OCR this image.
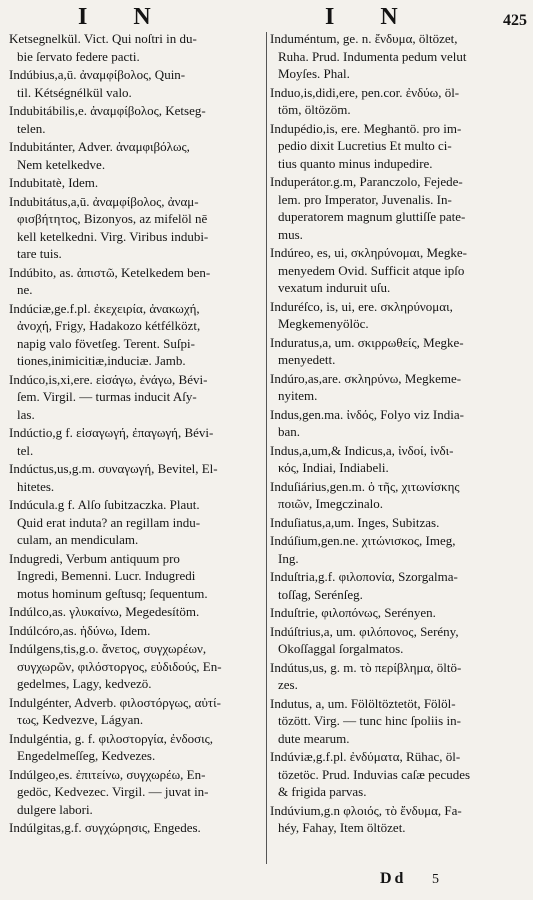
I N	I N	425

Ketsegnelkül. Vict. Qui noſtri in du-
bie ſervato federe pacti.

Indúbius,a,ū. ἀναμφίβολος, Quin-
til. Kétségnélkül valo.

Indubitábilis,e. ἀναμφίβολος, Ketseg-
telen.

Indubitánter, Adver. ἀναμφιβόλως,
Nem ketelkedve.

Indubitatè, Idem.

Indubitátus,a,ū. ἀναμφίβολος, ἀναμ-
φισβήτητος, Bizonyos, az mifelöl nē
kell ketelkedni. Virg. Viribus indubi-
tare tuis.

Indúbito, as. ἀπιστῶ, Ketelkedem ben-
ne.

Indúciæ,ge.f.pl. ἐκεχειρία, ἀνακωχή,
ἀνοχή, Frigy, Hadakozo kétfélközt,
napig valo fövetſeg. Terent. Suſpi-
tiones,inimicitiæ,induciæ. Jamb.

Indúco,is,xi,ere. εἰσάγω, ἐνάγω, Bévi-
ſem. Virgil. — turmas inducit Aſy-
las.

Indúctio,g f. εἰσαγωγή, ἐπαγωγή, Bévi-
tel.

Indúctus,us,g.m. συναγωγή, Bevitel, El-
hitetes.

Indúcula.g f. Alſo ſubitzaczka. Plaut.
Quid erat induta? an regillam indu-
culam, an mendiculam.

Indugredi, Verbum antiquum pro
Ingredi, Bemenni. Lucr. Indugredi
motus hominum geſtusq; ſequentum.

Indúlco,as. γλυκαίνω, Megedesítöm.

Indúlcóro,as. ἡδύνω, Idem.

Indúlgens,tis,g.o. ἄνετος, συγχωρέων,
συγχωρῶν, φιλόστοργος, εὐδιδούς, En-
gedelmes, Lagy, kedvezö.

Indulgénter, Adverb. φιλοστόργως, αὐτί-
τως, Kedvezve, Lágyan.

Indulgéntia, g. f. φιλοστοργία, ἐνδοσις,
Engedelmeſſeg, Kedvezes.

Indúlgeo,es. ἐπιτείνω, συγχωρέω, En-
gedöc, Kedvezec. Virgil. — juvat in-
dulgere labori.

Indúlgitas,g.f. συγχώρησις, Engedes.

Induméntum, ge. n. ἔνδυμα, öltözet,
Ruha. Prud. Indumenta pedum velut
Moyſes. Phal.

Induo,is,didi,ere, pen.cor. ἐνδύω, öl-
töm, öltözöm.

Indupédio,is, ere. Meghantö. pro im-
pedio dixit Lucretius Et multo ci-
tius quanto minus indupedire.

Induperátor.g.m, Paranczolo, Fejede-
lem. pro Imperator, Juvenalis. In-
duperatorem magnum gluttiſſe pate-
mus.

Indúreo, es, ui, σκληρύνομαι, Megke-
menyedem Ovid. Sufficit atque ipſo
vexatum induruit uſu.

Induréſco, is, ui, ere. σκληρύνομαι,
Megkemenyölöc.

Induratus,a, um. σκιρρωθείς, Megke-
menyedett.

Indúro,as,are. σκληρύνω, Megkeme-
nyitem.

Indus,gen.ma. ἰνδός, Folyo viz India-
ban.

Indus,a,um,& Indicus,a, ἰνδοί, ἰνδι-
κός, Indiai, Indiabeli.

Induſiárius,gen.m. ὁ τῆς, χιτωνίσκης
ποιῶν, Imegczinalo.

Induſiatus,a,um. Inges, Subitzas.

Indúſium,gen.ne. χιτώνισκος, Imeg,
Ing.

Induſtria,g.f. φιλοπονία, Szorgalma-
toſſag, Serénſeg.

Induſtrie, φιλοπόνως, Serényen.

Indúſtrius,a, um. φιλόπονος, Serény,
Okoſſaggal ſorgalmatos.

Indútus,us, g. m. τὸ περίβλημα, öltö-
zes.

Indutus, a, um. Fölöltöztetöt, Fölöl-
tözött. Virg. — tunc hinc ſpoliis in-
dute mearum.

Indúviæ,g.f.pl. ἐνδύματα, Rühac, öl-
tözetöc. Prud. Induvias caſæ pecudes
& frigida parvas.

Indúvium,g.n φλοιός, τὸ ἔνδυμα, Fa-
héy, Fahay, Item öltözet.

Dd 5
